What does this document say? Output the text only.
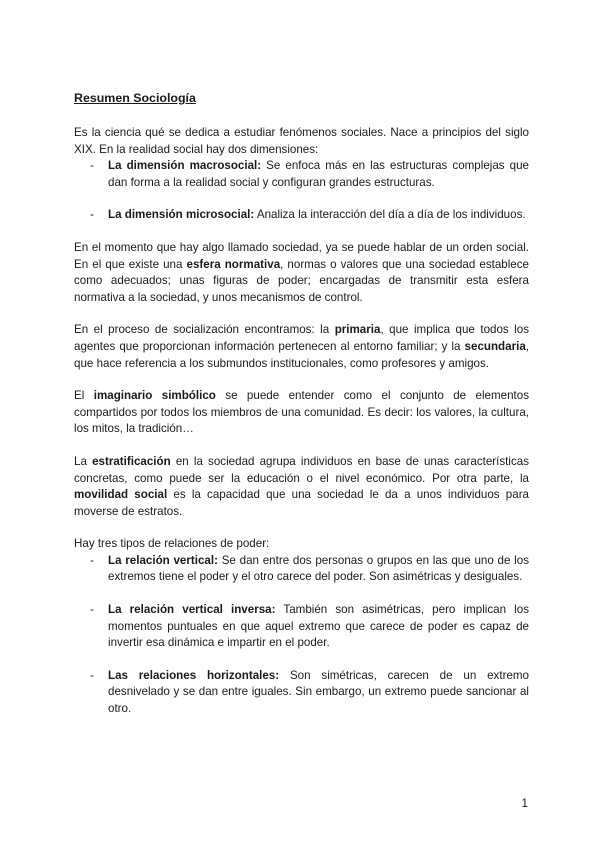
Resumen Sociología

Es la ciencia qué se dedica a estudiar fenómenos sociales. Nace a principios del siglo XIX. En la realidad social hay dos dimensiones:

- La dimensión macrosocial: Se enfoca más en las estructuras complejas que dan forma a la realidad social y configuran grandes estructuras.
- La dimensión microsocial: Analiza la interacción del día a día de los individuos.

En el momento que hay algo llamado sociedad, ya se puede hablar de un orden social. En el que existe una esfera normativa, normas o valores que una sociedad establece como adecuados; unas figuras de poder; encargadas de transmitir esta esfera normativa a la sociedad, y unos mecanismos de control.

En el proceso de socialización encontramos: la primaria, que implica que todos los agentes que proporcionan información pertenecen al entorno familiar; y la secundaria, que hace referencia a los submundos institucionales, como profesores y amigos.

El imaginario simbólico se puede entender como el conjunto de elementos compartidos por todos los miembros de una comunidad. Es decir: los valores, la cultura, los mitos, la tradición…

La estratificación en la sociedad agrupa individuos en base de unas características concretas, como puede ser la educación o el nivel económico. Por otra parte, la movilidad social es la capacidad que una sociedad le da a unos individuos para moverse de estratos.

Hay tres tipos de relaciones de poder:

- La relación vertical: Se dan entre dos personas o grupos en las que uno de los extremos tiene el poder y el otro carece del poder. Son asimétricas y desiguales.
- La relación vertical inversa: También son asimétricas, pero implican los momentos puntuales en que aquel extremo que carece de poder es capaz de invertir esa dinámica e impartir en el poder.
- Las relaciones horizontales: Son simétricas, carecen de un extremo desnivelado y se dan entre iguales. Sin embargo, un extremo puede sancionar al otro.
1
